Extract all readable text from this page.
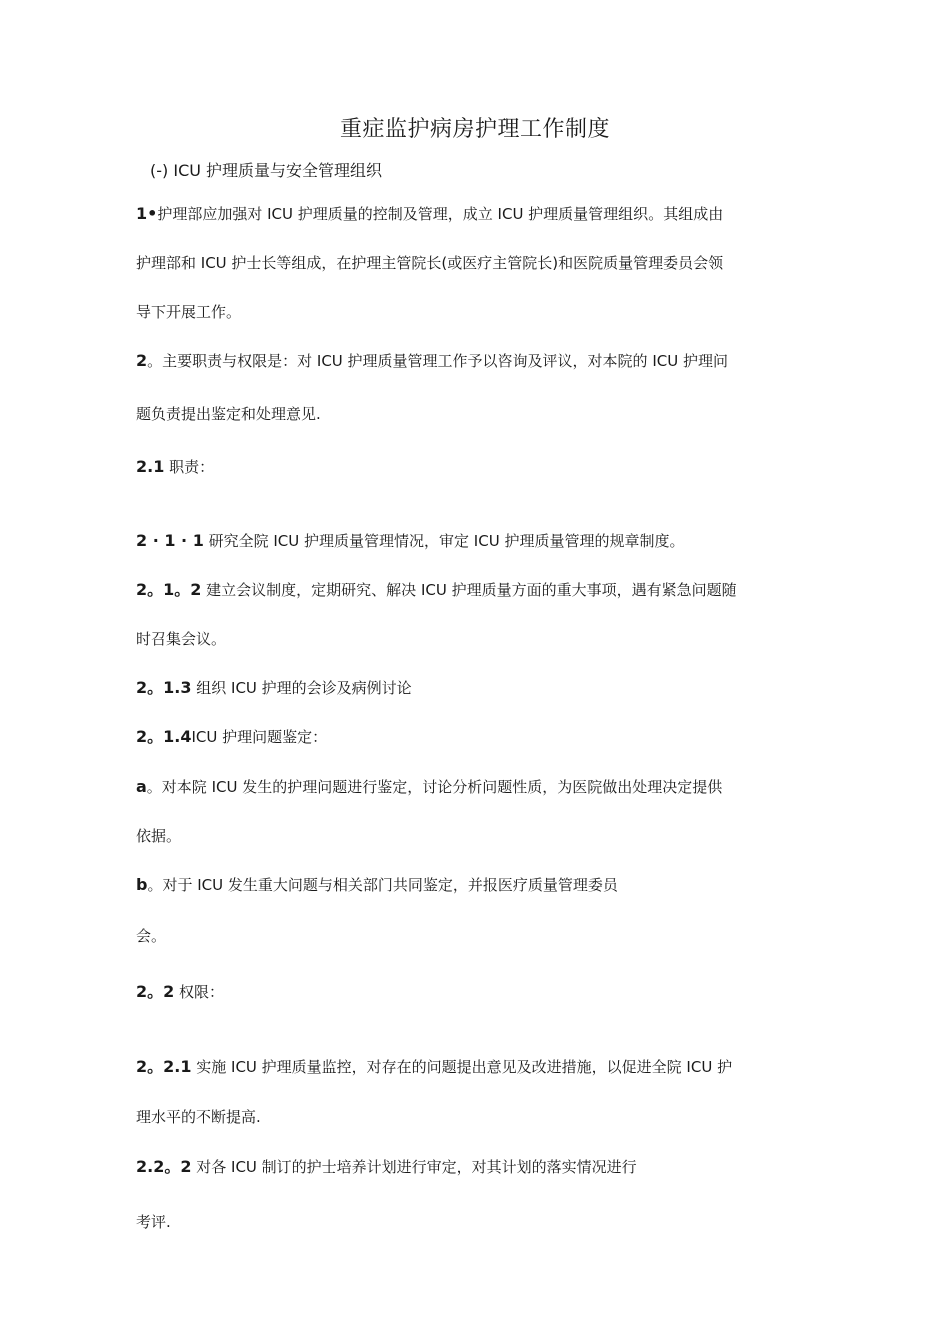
重症监护病房护理工作制度
(-) ICU 护理质量与安全管理组织
1•护理部应加强对 ICU 护理质量的控制及管理，成立 ICU 护理质量管理组织。其组成由
护理部和 ICU 护士长等组成，在护理主管院长(或医疗主管院长)和医院质量管理委员会领
导下开展工作。
2。主要职责与权限是：对 ICU 护理质量管理工作予以咨询及评议，对本院的 ICU 护理问
题负责提出鉴定和处理意见.
2.1 职责：
2 · 1 · 1 研究全院 ICU 护理质量管理情况，审定 ICU 护理质量管理的规章制度。
2。1。2 建立会议制度，定期研究、解决 ICU 护理质量方面的重大事项，遇有紧急问题随
时召集会议。
2。1.3 组织 ICU 护理的会诊及病例讨论
2。1.4ICU 护理问题鉴定：
a。对本院 ICU 发生的护理问题进行鉴定，讨论分析问题性质，为医院做出处理决定提供
依据。
b。对于 ICU 发生重大问题与相关部门共同鉴定，并报医疗质量管理委员
会。
2。2 权限：
2。2.1 实施 ICU 护理质量监控，对存在的问题提出意见及改进措施，以促进全院 ICU 护
理水平的不断提高.
2.2。2 对各 ICU 制订的护士培养计划进行审定，对其计划的落实情况进行
考评.
